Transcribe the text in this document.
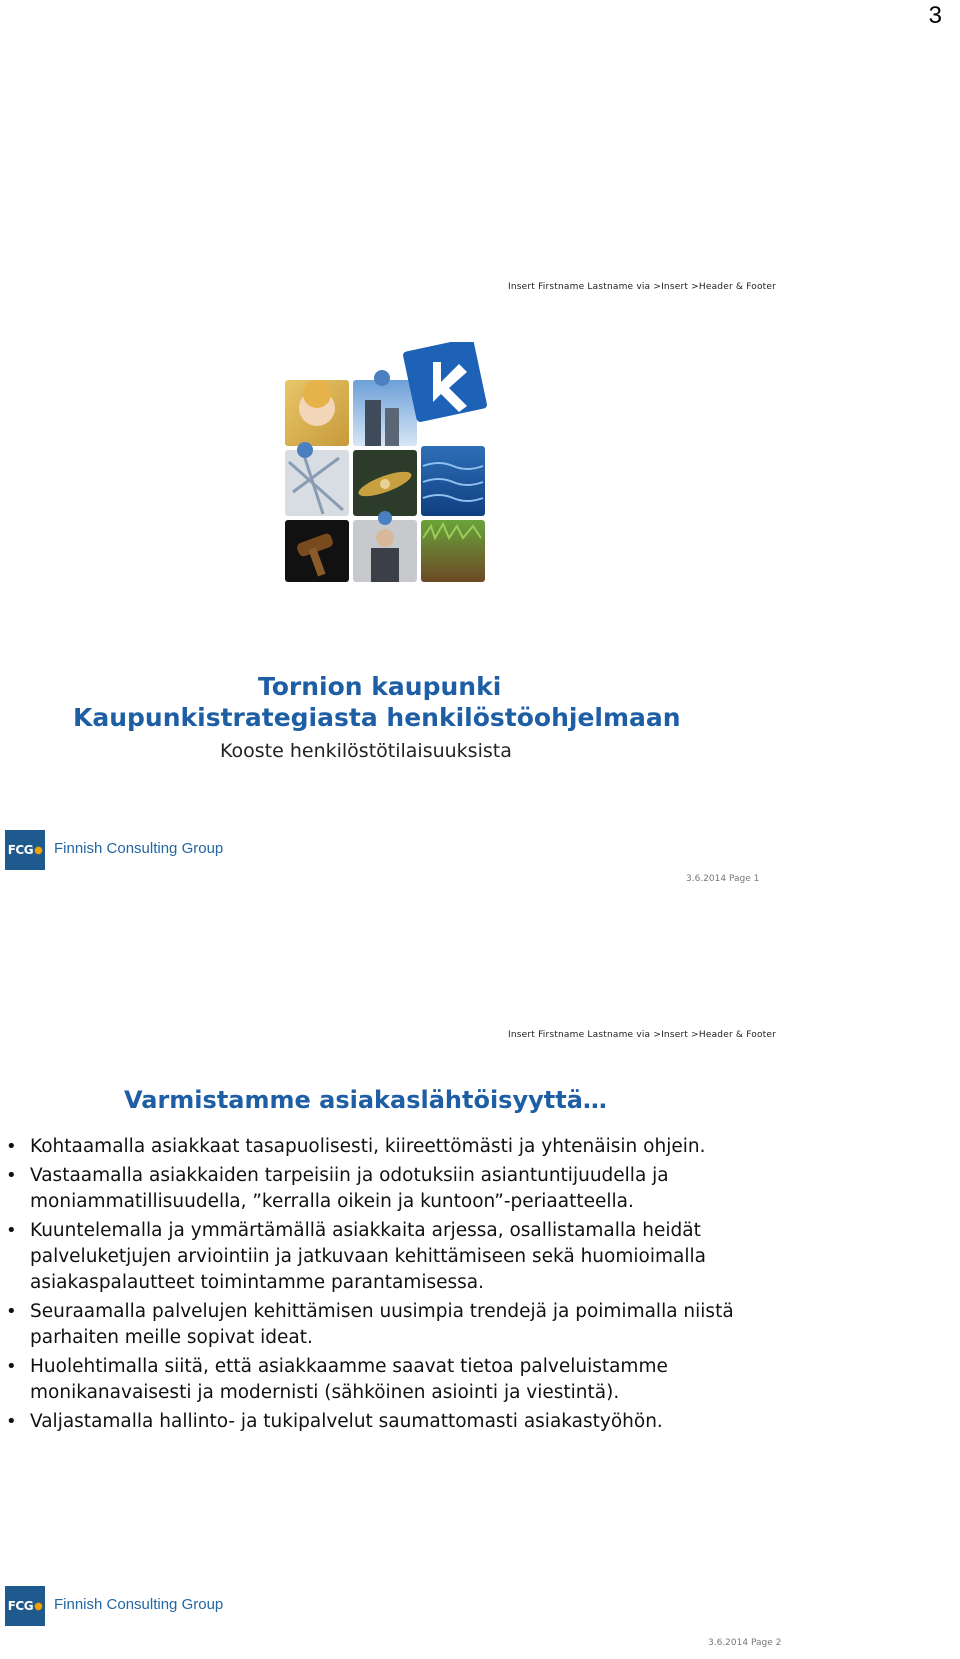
3
Insert Firstname Lastname via >Insert >Header & Footer
Tornion kaupunki
Kaupunkistrategiasta henkilöstöohjelmaan
Kooste henkilöstötilaisuuksista
FCG ● Finnish Consulting Group
3.6.2014 Page 1
Insert Firstname Lastname via >Insert >Header & Footer
Varmistamme asiakaslähtöisyyttä…
• Kohtaamalla asiakkaat tasapuolisesti, kiireettömästi ja yhtenäisin ohjein.
• Vastaamalla asiakkaiden tarpeisiin ja odotuksiin asiantuntijuudella ja moniammatillisuudella, ”kerralla oikein ja kuntoon”-periaatteella.
• Kuuntelemalla ja ymmärtämällä asiakkaita arjessa, osallistamalla heidät palveluketjujen arviointiin ja jatkuvaan kehittämiseen sekä huomioimalla asiakaspalautteet toimintamme parantamisessa.
• Seuraamalla palvelujen kehittämisen uusimpia trendejä ja poimimalla niistä parhaiten meille sopivat ideat.
• Huolehtimalla siitä, että asiakkaamme saavat tietoa palveluistamme monikanavaisesti ja modernisti (sähköinen asiointi ja viestintä).
• Valjastamalla hallinto- ja tukipalvelut saumattomasti asiakastyöhön.
FCG ● Finnish Consulting Group
3.6.2014 Page 2
